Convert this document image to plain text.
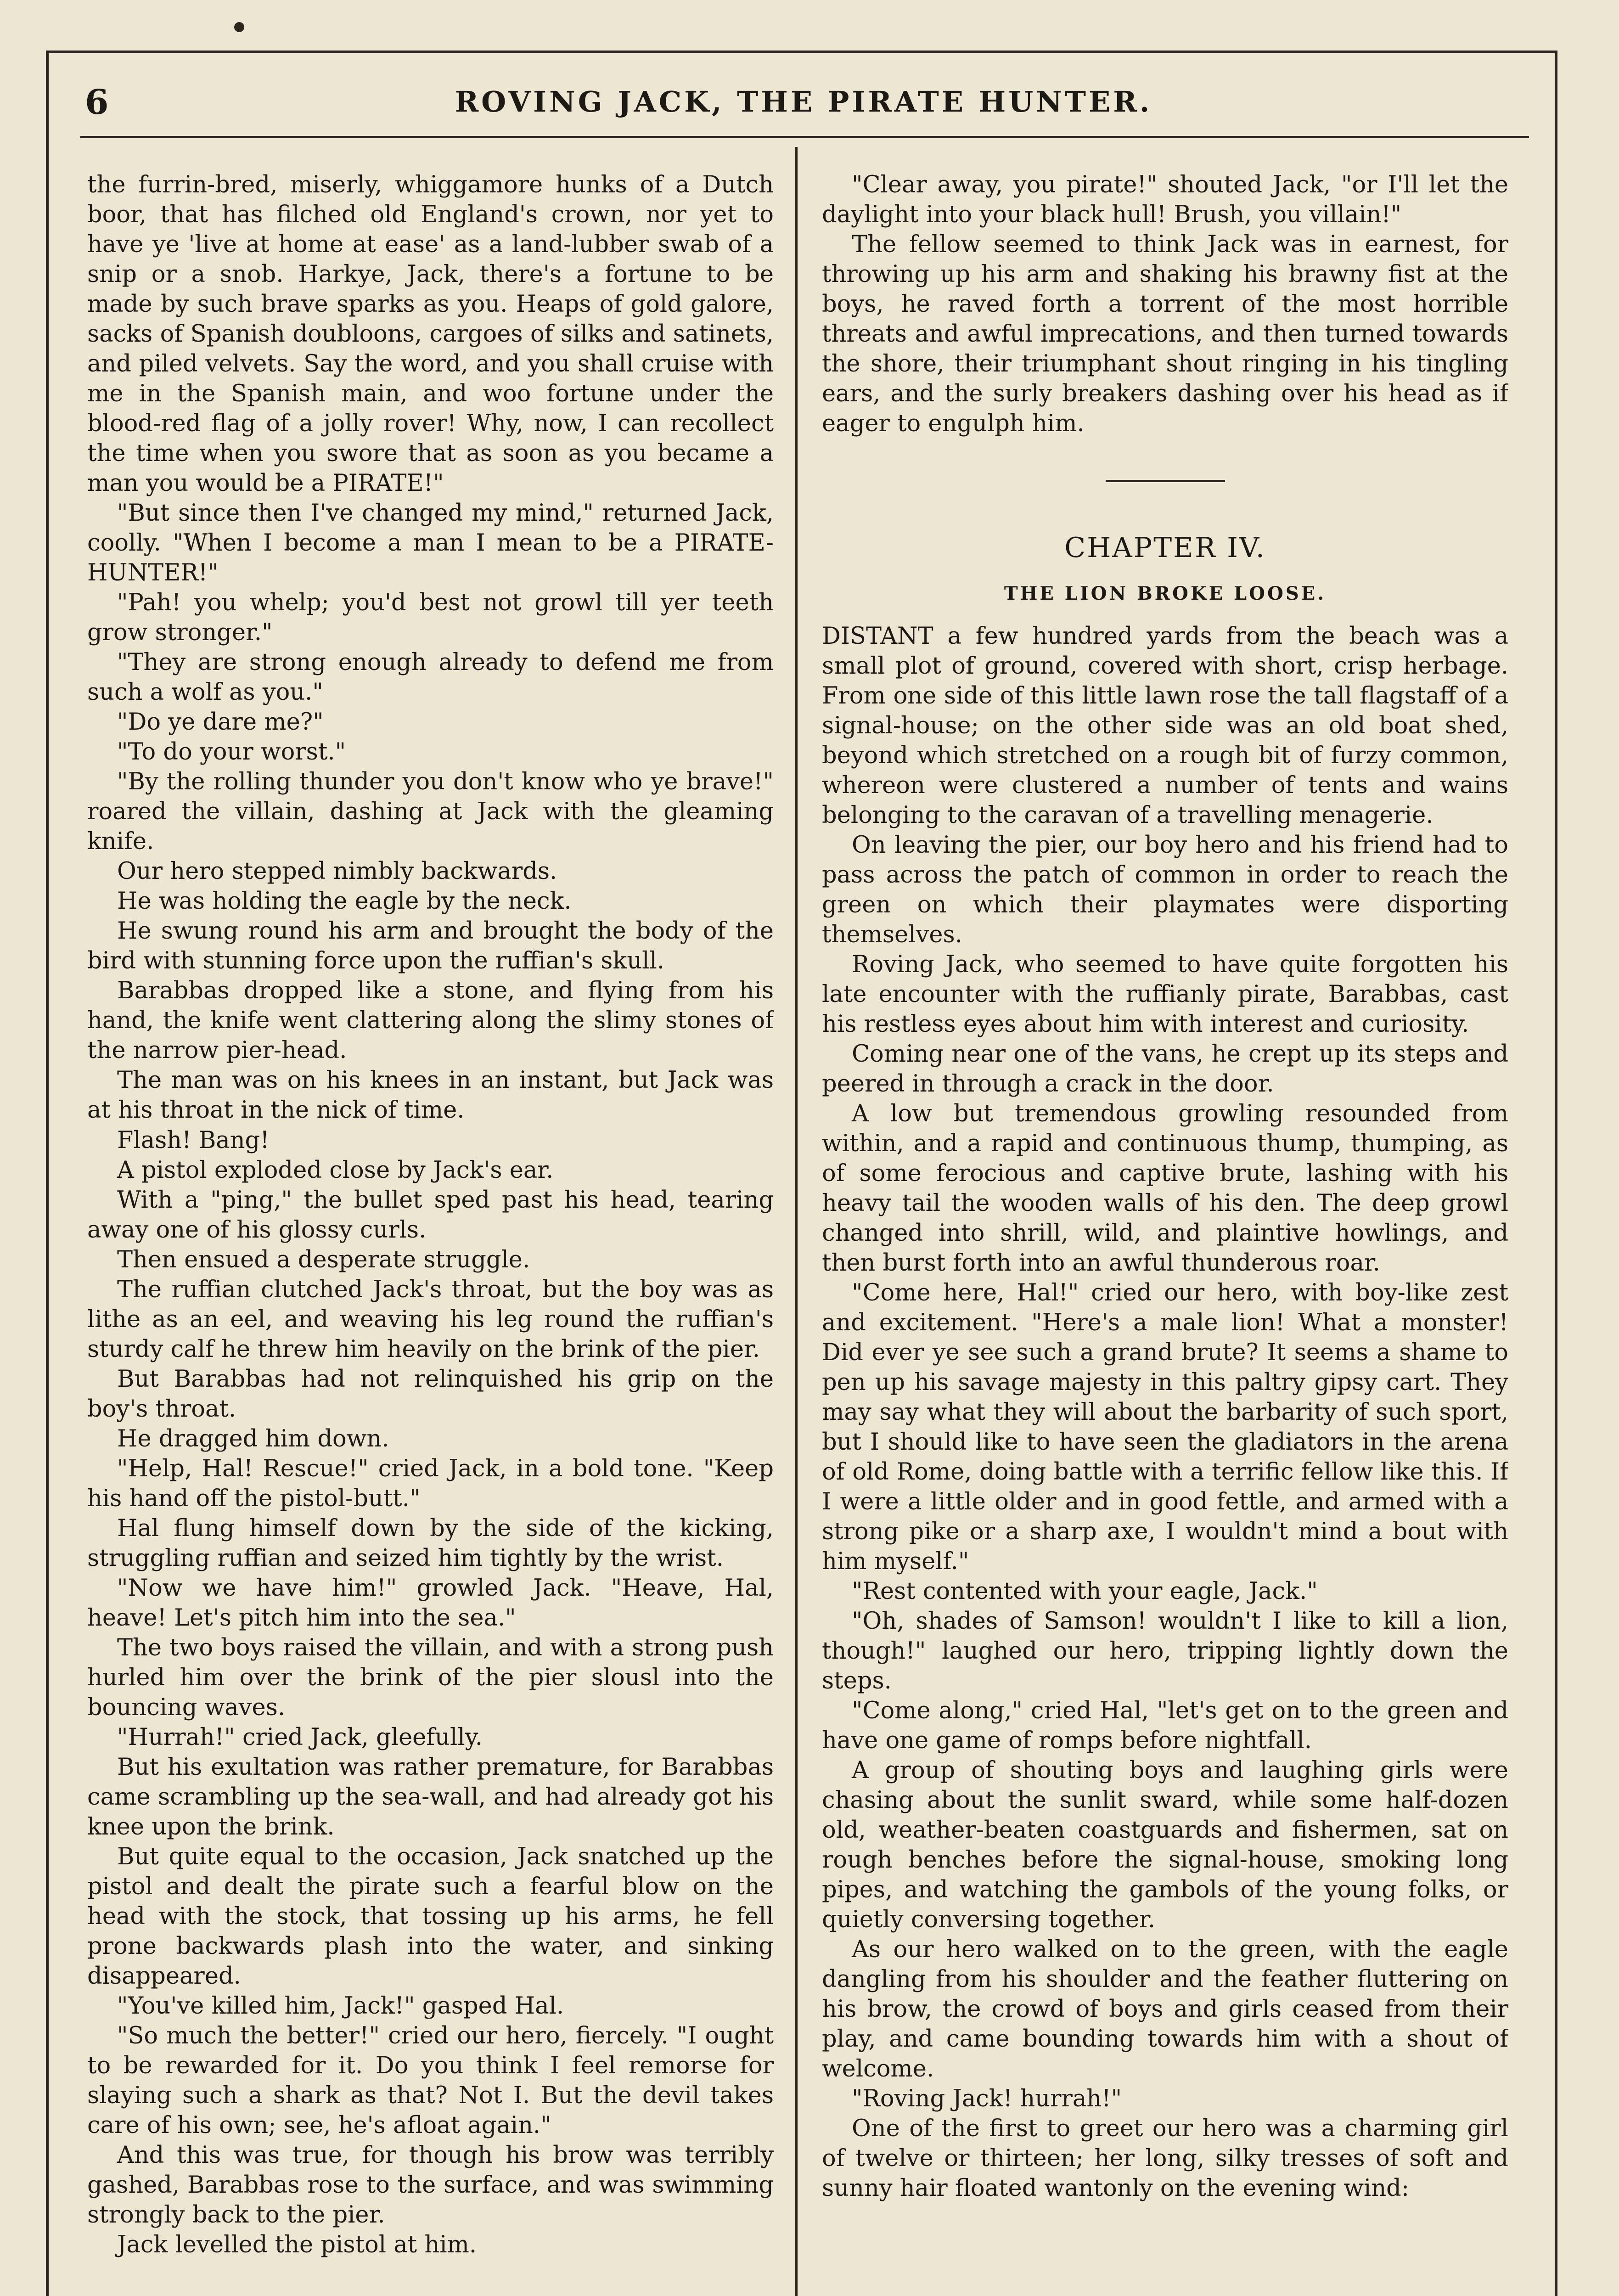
6	ROVING JACK, THE PIRATE HUNTER.

the furrin-bred, miserly, whiggamore hunks of a Dutch boor, that has filched old England's crown, nor yet to have ye 'live at home at ease' as a land-lubber swab of a snip or a snob. Harkye, Jack, there's a fortune to be made by such brave sparks as you. Heaps of gold galore, sacks of Spanish doubloons, cargoes of silks and satinets, and piled velvets. Say the word, and you shall cruise with me in the Spanish main, and woo fortune under the blood-red flag of a jolly rover! Why, now, I can recollect the time when you swore that as soon as you became a man you would be a PIRATE!"

"But since then I've changed my mind," returned Jack, coolly. "When I become a man I mean to be a PIRATE-HUNTER!"

"Pah! you whelp; you'd best not growl till yer teeth grow stronger."

"They are strong enough already to defend me from such a wolf as you."

"Do ye dare me?"

"To do your worst."

"By the rolling thunder you don't know who ye brave!" roared the villain, dashing at Jack with the gleaming knife.

Our hero stepped nimbly backwards.

He was holding the eagle by the neck.

He swung round his arm and brought the body of the bird with stunning force upon the ruffian's skull.

Barabbas dropped like a stone, and flying from his hand, the knife went clattering along the slimy stones of the narrow pier-head.

The man was on his knees in an instant, but Jack was at his throat in the nick of time.

Flash! Bang!

A pistol exploded close by Jack's ear.

With a "ping," the bullet sped past his head, tearing away one of his glossy curls.

Then ensued a desperate struggle.

The ruffian clutched Jack's throat, but the boy was as lithe as an eel, and weaving his leg round the ruffian's sturdy calf he threw him heavily on the brink of the pier.

But Barabbas had not relinquished his grip on the boy's throat.

He dragged him down.

"Help, Hal! Rescue!" cried Jack, in a bold tone. "Keep his hand off the pistol-butt."

Hal flung himself down by the side of the kicking, struggling ruffian and seized him tightly by the wrist.

"Now we have him!" growled Jack. "Heave, Hal, heave! Let's pitch him into the sea."

The two boys raised the villain, and with a strong push hurled him over the brink of the pier slousl into the bouncing waves.

"Hurrah!" cried Jack, gleefully.

But his exultation was rather premature, for Barabbas came scrambling up the sea-wall, and had already got his knee upon the brink.

But quite equal to the occasion, Jack snatched up the pistol and dealt the pirate such a fearful blow on the head with the stock, that tossing up his arms, he fell prone backwards plash into the water, and sinking disappeared.

"You've killed him, Jack!" gasped Hal.

"So much the better!" cried our hero, fiercely. "I ought to be rewarded for it. Do you think I feel remorse for slaying such a shark as that? Not I. But the devil takes care of his own; see, he's afloat again."

And this was true, for though his brow was terribly gashed, Barabbas rose to the surface, and was swimming strongly back to the pier.

Jack levelled the pistol at him.

"Clear away, you pirate!" shouted Jack, "or I'll let the daylight into your black hull! Brush, you villain!"

The fellow seemed to think Jack was in earnest, for throwing up his arm and shaking his brawny fist at the boys, he raved forth a torrent of the most horrible threats and awful imprecations, and then turned towards the shore, their triumphant shout ringing in his tingling ears, and the surly breakers dashing over his head as if eager to engulph him.

CHAPTER IV.

THE LION BROKE LOOSE.

DISTANT a few hundred yards from the beach was a small plot of ground, covered with short, crisp herbage. From one side of this little lawn rose the tall flagstaff of a signal-house; on the other side was an old boat shed, beyond which stretched on a rough bit of furzy common, whereon were clustered a number of tents and wains belonging to the caravan of a travelling menagerie.

On leaving the pier, our boy hero and his friend had to pass across the patch of common in order to reach the green on which their playmates were disporting themselves.

Roving Jack, who seemed to have quite forgotten his late encounter with the ruffianly pirate, Barabbas, cast his restless eyes about him with interest and curiosity.

Coming near one of the vans, he crept up its steps and peered in through a crack in the door.

A low but tremendous growling resounded from within, and a rapid and continuous thump, thumping, as of some ferocious and captive brute, lashing with his heavy tail the wooden walls of his den. The deep growl changed into shrill, wild, and plaintive howlings, and then burst forth into an awful thunderous roar.

"Come here, Hal!" cried our hero, with boy-like zest and excitement. "Here's a male lion! What a monster! Did ever ye see such a grand brute? It seems a shame to pen up his savage majesty in this paltry gipsy cart. They may say what they will about the barbarity of such sport, but I should like to have seen the gladiators in the arena of old Rome, doing battle with a terrific fellow like this. If I were a little older and in good fettle, and armed with a strong pike or a sharp axe, I wouldn't mind a bout with him myself."

"Rest contented with your eagle, Jack."

"Oh, shades of Samson! wouldn't I like to kill a lion, though!" laughed our hero, tripping lightly down the steps.

"Come along," cried Hal, "let's get on to the green and have one game of romps before nightfall.

A group of shouting boys and laughing girls were chasing about the sunlit sward, while some half-dozen old, weather-beaten coastguards and fishermen, sat on rough benches before the signal-house, smoking long pipes, and watching the gambols of the young folks, or quietly conversing together.

As our hero walked on to the green, with the eagle dangling from his shoulder and the feather fluttering on his brow, the crowd of boys and girls ceased from their play, and came bounding towards him with a shout of welcome.

"Roving Jack! hurrah!"

One of the first to greet our hero was a charming girl of twelve or thirteen; her long, silky tresses of soft and sunny hair floated wantonly on the evening wind:
